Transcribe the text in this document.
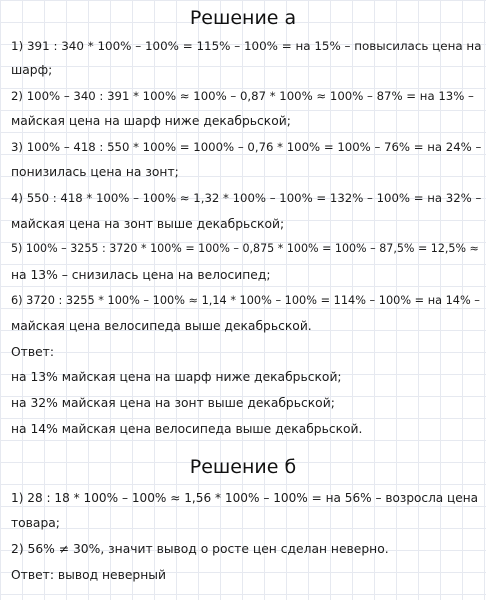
Решение а
1) 391 : 340 * 100% – 100% = 115% – 100% = на 15% – повысилась цена на
шарф;
2) 100% – 340 : 391 * 100% ≈ 100% – 0,87 * 100% ≈ 100% – 87% = на 13% –
майская цена на шарф ниже декабрьской;
3) 100% – 418 : 550 * 100% = 1000% – 0,76 * 100% = 100% – 76% = на 24% –
понизилась цена на зонт;
4) 550 : 418 * 100% – 100% ≈ 1,32 * 100% – 100% = 132% – 100% = на 32% –
майская цена на зонт выше декабрьской;
5) 100% – 3255 : 3720 * 100% = 100% – 0,875 * 100% = 100% – 87,5% = 12,5% ≈
на 13% – снизилась цена на велосипед;
6) 3720 : 3255 * 100% – 100% ≈ 1,14 * 100% – 100% = 114% – 100% = на 14% –
майская цена велосипеда выше декабрьской.
Ответ:
на 13% майская цена на шарф ниже декабрьской;
на 32% майская цена на зонт выше декабрьской;
на 14% майская цена велосипеда выше декабрьской.
Решение б
1) 28 : 18 * 100% – 100% ≈ 1,56 * 100% – 100% = на 56% – возросла цена
товара;
2) 56% ≠ 30%, значит вывод о росте цен сделан неверно.
Ответ: вывод неверный
